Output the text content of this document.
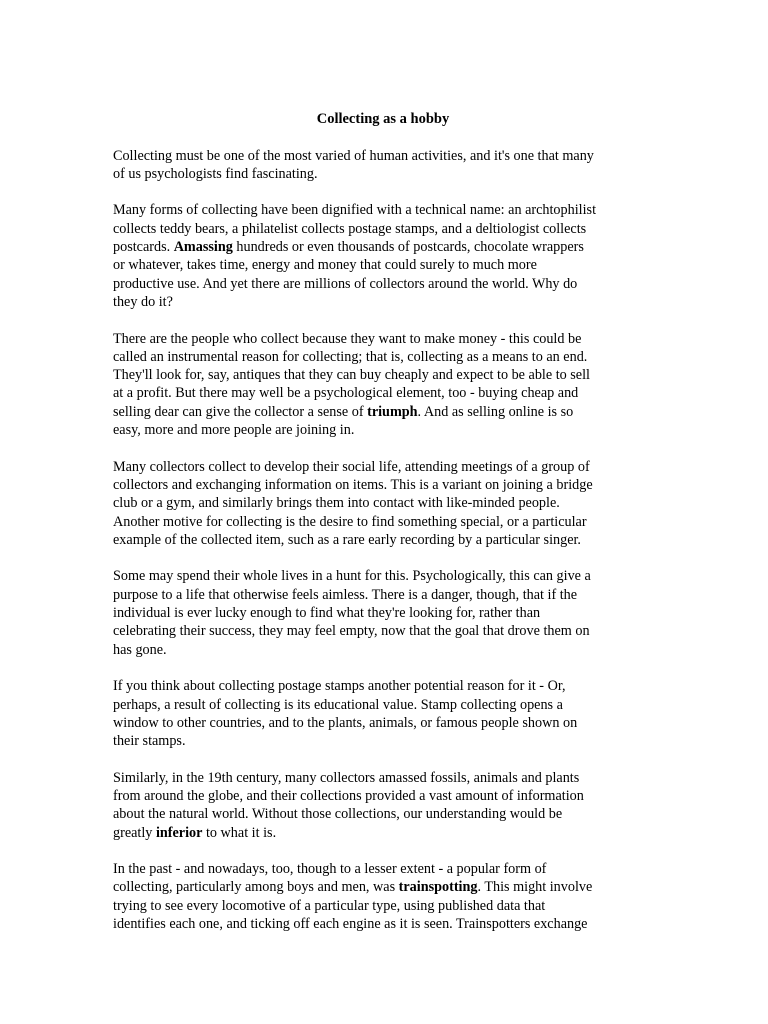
Collecting as a hobby
Collecting must be one of the most varied of human activities, and it's one that many
of us psychologists find fascinating.
Many forms of collecting have been dignified with a technical name: an archtophilist
collects teddy bears, a philatelist collects postage stamps, and a deltiologist collects
postcards. Amassing hundreds or even thousands of postcards, chocolate wrappers
or whatever, takes time, energy and money that could surely to much more
productive use. And yet there are millions of collectors around the world. Why do
they do it?
There are the people who collect because they want to make money - this could be
called an instrumental reason for collecting; that is, collecting as a means to an end.
They'll look for, say, antiques that they can buy cheaply and expect to be able to sell
at a profit. But there may well be a psychological element, too - buying cheap and
selling dear can give the collector a sense of triumph. And as selling online is so
easy, more and more people are joining in.
Many collectors collect to develop their social life, attending meetings of a group of
collectors and exchanging information on items. This is a variant on joining a bridge
club or a gym, and similarly brings them into contact with like-minded people.
Another motive for collecting is the desire to find something special, or a particular
example of the collected item, such as a rare early recording by a particular singer.
Some may spend their whole lives in a hunt for this. Psychologically, this can give a
purpose to a life that otherwise feels aimless. There is a danger, though, that if the
individual is ever lucky enough to find what they're looking for, rather than
celebrating their success, they may feel empty, now that the goal that drove them on
has gone.
If you think about collecting postage stamps another potential reason for it - Or,
perhaps, a result of collecting is its educational value. Stamp collecting opens a
window to other countries, and to the plants, animals, or famous people shown on
their stamps.
Similarly, in the 19th century, many collectors amassed fossils, animals and plants
from around the globe, and their collections provided a vast amount of information
about the natural world. Without those collections, our understanding would be
greatly inferior to what it is.
In the past - and nowadays, too, though to a lesser extent - a popular form of
collecting, particularly among boys and men, was trainspotting. This might involve
trying to see every locomotive of a particular type, using published data that
identifies each one, and ticking off each engine as it is seen. Trainspotters exchange
